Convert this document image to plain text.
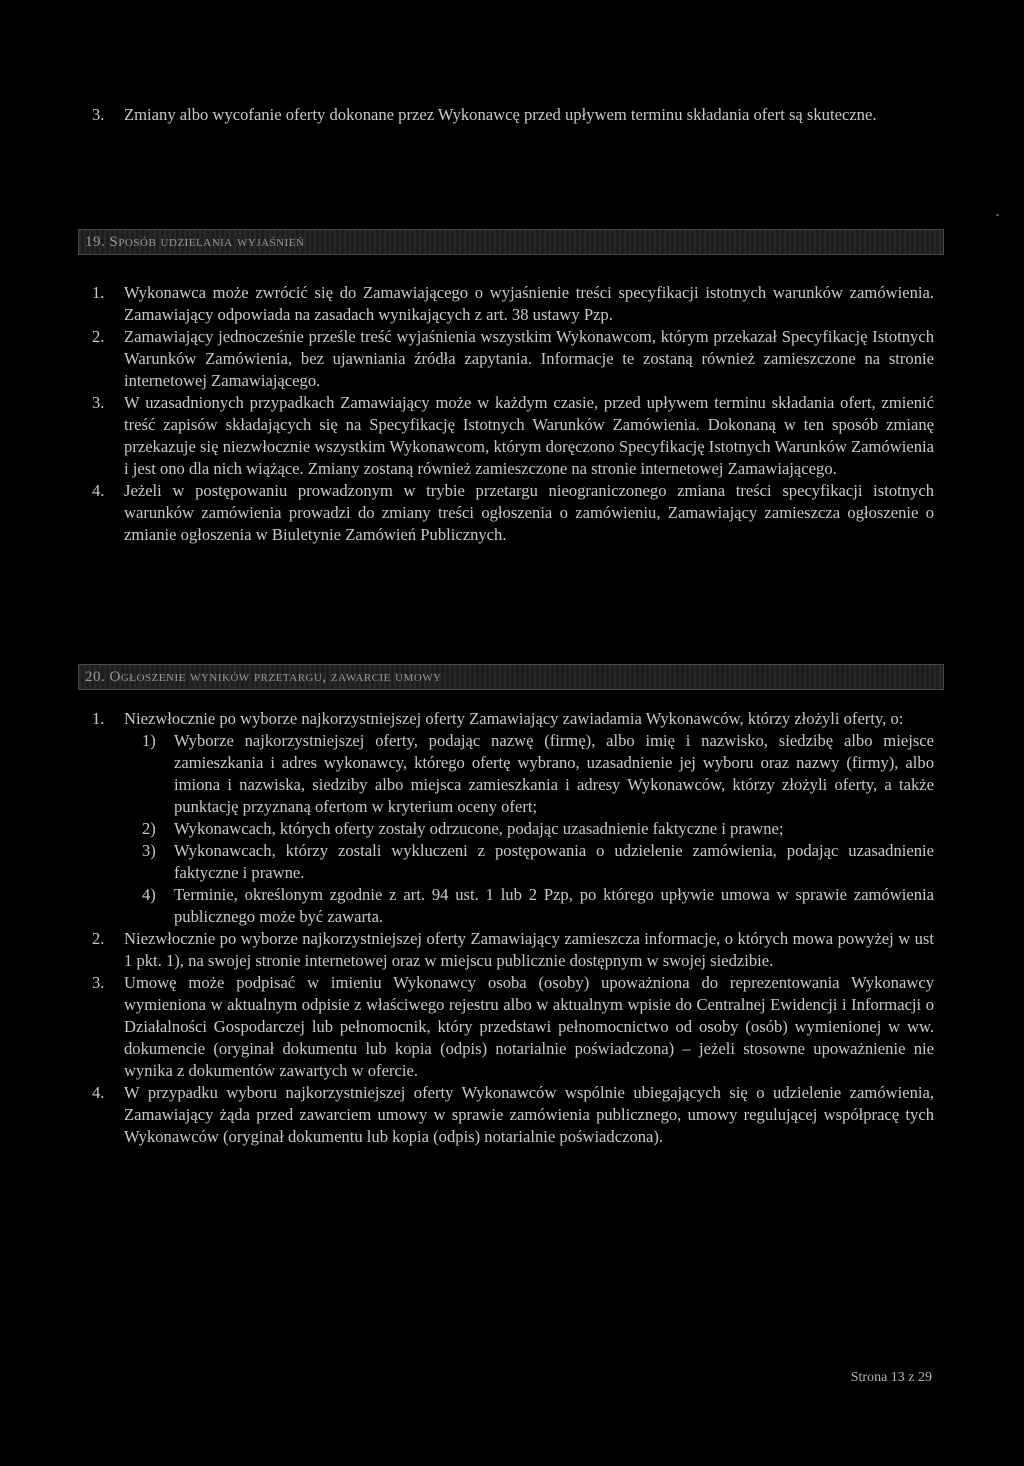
3. Zmiany albo wycofanie oferty dokonane przez Wykonawcę przed upływem terminu składania ofert są skuteczne.

19. Sposób udzielania wyjaśnień

1. Wykonawca może zwrócić się do Zamawiającego o wyjaśnienie treści specyfikacji istotnych warunków zamówienia. Zamawiający odpowiada na zasadach wynikających z art. 38 ustawy Pzp.

2. Zamawiający jednocześnie prześle treść wyjaśnienia wszystkim Wykonawcom, którym przekazał Specyfikację Istotnych Warunków Zamówienia, bez ujawniania źródła zapytania. Informacje te zostaną również zamieszczone na stronie internetowej Zamawiającego.

3. W uzasadnionych przypadkach Zamawiający może w każdym czasie, przed upływem terminu składania ofert, zmienić treść zapisów składających się na Specyfikację Istotnych Warunków Zamówienia. Dokonaną w ten sposób zmianę przekazuje się niezwłocznie wszystkim Wykonawcom, którym doręczono Specyfikację Istotnych Warunków Zamówienia i jest ono dla nich wiążące. Zmiany zostaną również zamieszczone na stronie internetowej Zamawiającego.

4. Jeżeli w postępowaniu prowadzonym w trybie przetargu nieograniczonego zmiana treści specyfikacji istotnych warunków zamówienia prowadzi do zmiany treści ogłoszenia o zamówieniu, Zamawiający zamieszcza ogłoszenie o zmianie ogłoszenia w Biuletynie Zamówień Publicznych.

20. Ogłoszenie wyników przetargu, zawarcie umowy

1. Niezwłocznie po wyborze najkorzystniejszej oferty Zamawiający zawiadamia Wykonawców, którzy złożyli oferty, o:

1) Wyborze najkorzystniejszej oferty, podając nazwę (firmę), albo imię i nazwisko, siedzibę albo miejsce zamieszkania i adres wykonawcy, którego ofertę wybrano, uzasadnienie jej wyboru oraz nazwy (firmy), albo imiona i nazwiska, siedziby albo miejsca zamieszkania i adresy Wykonawców, którzy złożyli oferty, a także punktację przyznaną ofertom w kryterium oceny ofert;

2) Wykonawcach, których oferty zostały odrzucone, podając uzasadnienie faktyczne i prawne;

3) Wykonawcach, którzy zostali wykluczeni z postępowania o udzielenie zamówienia, podając uzasadnienie faktyczne i prawne.

4) Terminie, określonym zgodnie z art. 94 ust. 1 lub 2 Pzp, po którego upływie umowa w sprawie zamówienia publicznego może być zawarta.

2. Niezwłocznie po wyborze najkorzystniejszej oferty Zamawiający zamieszcza informacje, o których mowa powyżej w ust 1 pkt. 1), na swojej stronie internetowej oraz w miejscu publicznie dostępnym w swojej siedzibie.

3. Umowę może podpisać w imieniu Wykonawcy osoba (osoby) upoważniona do reprezentowania Wykonawcy wymieniona w aktualnym odpisie z właściwego rejestru albo w aktualnym wpisie do Centralnej Ewidencji i Informacji o Działalności Gospodarczej lub pełnomocnik, który przedstawi pełnomocnictwo od osoby (osób) wymienionej w ww. dokumencie (oryginał dokumentu lub kopia (odpis) notarialnie poświadczona) – jeżeli stosowne upoważnienie nie wynika z dokumentów zawartych w ofercie.

4. W przypadku wyboru najkorzystniejszej oferty Wykonawców wspólnie ubiegających się o udzielenie zamówienia, Zamawiający żąda przed zawarciem umowy w sprawie zamówienia publicznego, umowy regulującej współpracę tych Wykonawców (oryginał dokumentu lub kopia (odpis) notarialnie poświadczona).

Strona 13 z 29
